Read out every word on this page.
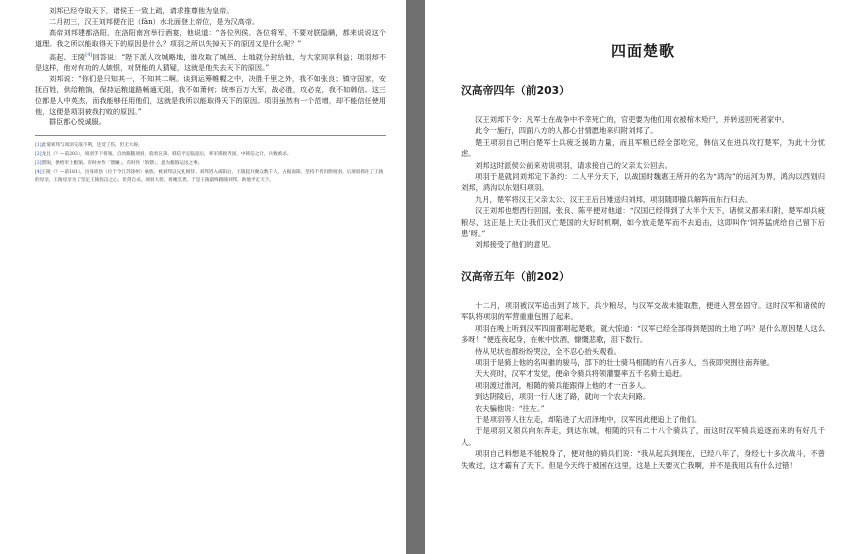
刘邦已经夺取天下，诸侯王一致上疏，请求推尊他为皇帝。

二月初三，汉王刘邦便在汜（fàn）水北面登上帝位，是为汉高帝。

高帝刘邦建都洛阳，在洛阳南宫举行酒宴，他说道：“各位列侯、各位将军，不要对朕隐瞒，都来说说这个道理。我之所以能取得天下的原因是什么？项羽之所以失掉天下的原因又是什么呢？”

高起、王陵[4]回答说：“陛下派人攻城略地，谁攻取了城邑、土地就分封给他，与大家同享利益；项羽却不是这样，他对有功的人嫉恨，对贤能的人猜疑，这就是他失去天下的原因。”

刘邦说：“你们是只知其一，不知其二啊。谈到运筹帷幄之中，决胜千里之外，我不如张良；镇守国家，安抚百姓，供给粮饷，保持运粮道路畅通无阻，我不如萧何；统率百万大军，战必胜，攻必克，我不如韩信。这三位都是人中英杰，而我能够任用他们，这就是我所以能取得天下的原因。项羽虽然有一个范增，却不能信任使用他，这便是项羽被我打败的原因。”

群臣都心悦诚服。

[1]此谓刘邦与项羽交战不利，还受了伤，但无大碍。

[2]龙且（？—前203），项羽手下将领。自幼跟随项羽，骁勇兄弟。韩信平定临淄后，率军援救齐国，中韩信之计，兵败被杀。

[3]馈饷，供给军士粮饷。有时亦作「馈饟」，有时作「饷馈」，意为粮饷运送之事。

[4]王陵（？—前181），出身沛县（位于今江苏徐州）豪族，被刘邦以兄礼相待。刘邦进入咸阳后，王陵起兵聚众数千人，占据南阳，坚持不肯归附项羽。后项羽抓住了王陵的母亲，王陵母亲为了坚定王陵投汉之心，伏剑自杀。项羽大怒，将她烹煮。于是王陵最终跟随刘邦，助他平定天下。

四面楚歌
汉高帝四年（前203）

汉王刘邦下令：凡军士在战争中不幸死亡的，官吏要为他们用衣被棺木殓尸，并转送回死者家中。

此令一施行，四面八方的人都心甘情愿地来归附刘邦了。

楚王项羽自己明白楚军士兵疲乏援助力量，而且军粮已经全部吃完，韩信又在进兵攻打楚军，为此十分忧虑。

刘邦这时派侯公前来劝说项羽，请求接自己的父亲太公回去。

项羽于是就同刘邦定下条约：二人平分天下，以战国时魏惠王所开的名为“鸿沟”的运河为界，鸿沟以西划归刘邦，鸿沟以东划归项羽。

九月，楚军将汉王父亲太公、汉王王后吕雉送归刘邦，项羽随即撤兵解阵而东行归去。

汉王刘邦也想西行回国，张良、陈平便对他道：“汉国已经得到了大半个天下，诸侯又都来归附，楚军却兵疲粮尽，这正是上天让我们灭亡楚国的大好时机啊，如今放走楚军而不去追击，这即叫作‘饲养猛虎给自己留下后患’呀。”

刘邦接受了他们的意见。

汉高帝五年（前202）

十二月，项羽被汉军追击到了垓下，兵少粮尽，与汉军交战未能取胜，便进入营垒固守。这时汉军和诸侯的军队将项羽的军营重重包围了起来。

项羽在晚上听到汉军四面都唱起楚歌，就大惊道：“汉军已经全部得到楚国的土地了吗？是什么原因楚人这么多呀！”便连夜起身，在帐中饮酒，慷慨悲歌，泪下数行。

侍从见状也都纷纷哭泣，全不忍心抬头观看。

项羽于是骑上他的名叫骓的骏马，部下的壮士骑马相随的有八百多人，当夜即突围往南奔驰。

天大亮时，汉军才发觉，便命令骑兵将领灌婴率五千名骑士追赶。

项羽渡过淮河，相随的骑兵能跟得上他的才一百多人。

到达阴陵后，项羽一行人迷了路，就向一个农夫问路。

农夫骗他说：“往左。”

于是项羽等人往左走，却陷进了大沼泽地中，汉军因此便追上了他们。

于是项羽又领兵向东奔走，到达东城，相随的只有二十八个骑兵了，而这时汉军骑兵追逐而来的有好几千人。

项羽自己料想是不能脱身了，便对他的骑兵们说：“我从起兵到现在，已经八年了，身经七十多次战斗，不曾失败过，这才霸有了天下。但是今天终于被困在这里，这是上天要灭亡我啊，并不是我用兵有什么过错！
